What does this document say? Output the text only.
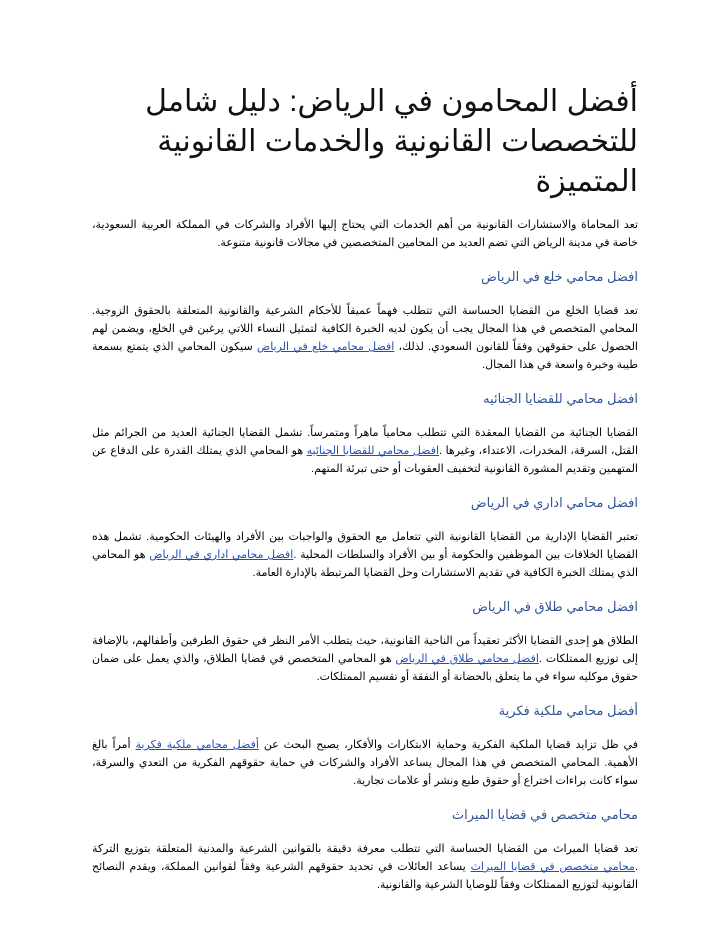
أفضل المحامون في الرياض: دليل شامل للتخصصات القانونية والخدمات القانونية المتميزة

تعد المحاماة والاستشارات القانونية من أهم الخدمات التي يحتاج إليها الأفراد والشركات في المملكة العربية السعودية، خاصة في مدينة الرياض التي تضم العديد من المحامين المتخصصين في مجالات قانونية متنوعة.

افضل محامي خلع في الرياض

تعد قضايا الخلع من القضايا الحساسة التي تتطلب فهماً عميقاً للأحكام الشرعية والقانونية المتعلقة بالحقوق الزوجية. المحامي المتخصص في هذا المجال يجب أن يكون لديه الخبرة الكافية لتمثيل النساء اللاتي يرغبن في الخلع، ويضمن لهم الحصول على حقوقهن وفقاً للقانون السعودي. لذلك، افضل محامي خلع في الرياض سيكون المحامي الذي يتمتع بسمعة طيبة وخبرة واسعة في هذا المجال.

افضل محامي للقضايا الجنائيه

القضايا الجنائية من القضايا المعقدة التي تتطلب محامياً ماهراً ومتمرساً. تشمل القضايا الجنائية العديد من الجرائم مثل القتل، السرقة، المخدرات، الاعتداء، وغيرها .افضل محامي للقضايا الجنائيه هو المحامي الذي يمتلك القدرة على الدفاع عن المتهمين وتقديم المشورة القانونية لتخفيف العقوبات أو حتى تبرئة المتهم.

افضل محامي اداري في الرياض

تعتبر القضايا الإدارية من القضايا القانونية التي تتعامل مع الحقوق والواجبات بين الأفراد والهيئات الحكومية. تشمل هذه القضايا الخلافات بين الموظفين والحكومة أو بين الأفراد والسلطات المحلية .افضل محامي اداري في الرياض هو المحامي الذي يمتلك الخبرة الكافية في تقديم الاستشارات وحل القضايا المرتبطة بالإدارة العامة.

افضل محامي طلاق في الرياض

الطلاق هو إحدى القضايا الأكثر تعقيداً من الناحية القانونية، حيث يتطلب الأمر النظر في حقوق الطرفين وأطفالهم، بالإضافة إلى توزيع الممتلكات .افضل محامي طلاق في الرياض هو المحامي المتخصص في قضايا الطلاق، والذي يعمل على ضمان حقوق موكليه سواء في ما يتعلق بالحضانة أو النفقة أو تقسيم الممتلكات.

أفضل محامي ملكية فكرية

في ظل تزايد قضايا الملكية الفكرية وحماية الابتكارات والأفكار، يصبح البحث عن أفضل محامي ملكية فكرية أمراً بالغ الأهمية. المحامي المتخصص في هذا المجال يساعد الأفراد والشركات في حماية حقوقهم الفكرية من التعدي والسرقة، سواء كانت براءات اختراع أو حقوق طبع ونشر أو علامات تجارية.

محامي متخصص في قضايا الميراث

تعد قضايا الميراث من القضايا الحساسة التي تتطلب معرفة دقيقة بالقوانين الشرعية والمدنية المتعلقة بتوزيع التركة .محامي متخصص في قضايا الميراث يساعد العائلات في تحديد حقوقهم الشرعية وفقاً لقوانين المملكة، ويقدم النصائح القانونية لتوزيع الممتلكات وفقاً للوصايا الشرعية والقانونية.
